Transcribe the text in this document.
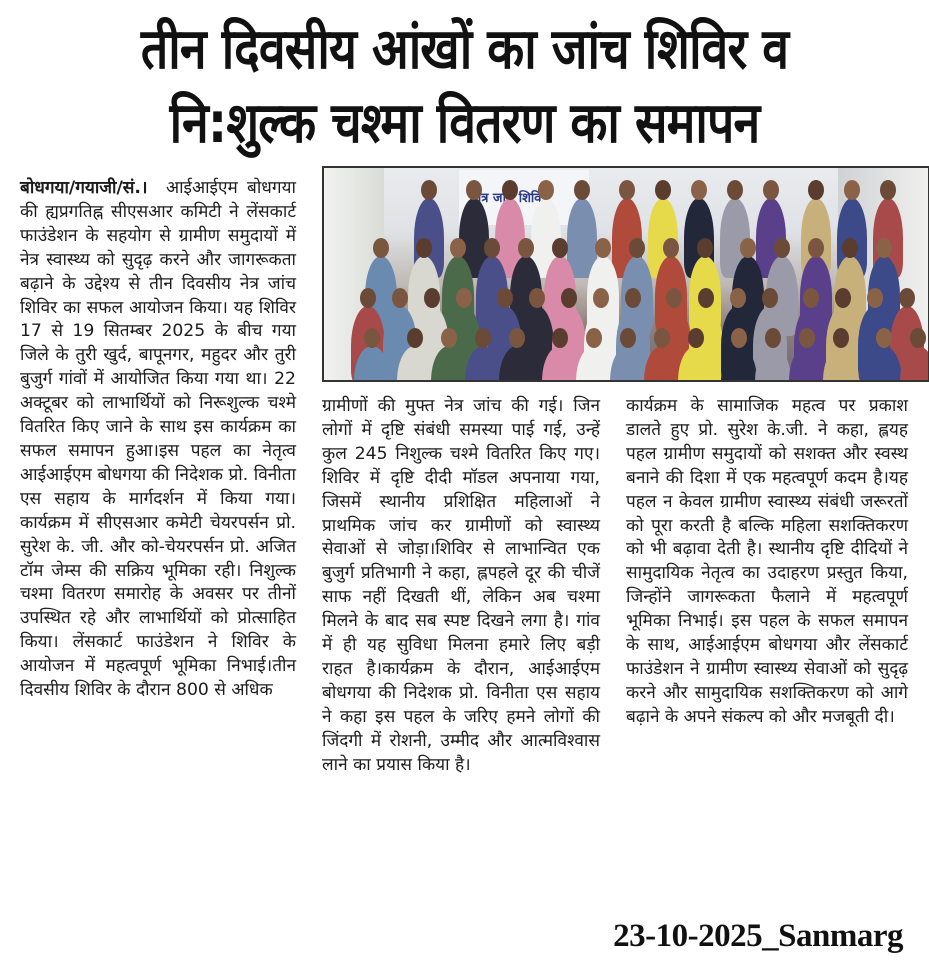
तीन दिवसीय आंखों का जांच शिविर व
नि:शुल्क चश्मा वितरण का समापन

बोधगया/गयाजी/सं.। आईआईएम बोधगया की ह्यप्रगतिह्न सीएसआर कमिटी ने लेंसकार्ट फाउंडेशन के सहयोग से ग्रामीण समुदायों में नेत्र स्वास्थ्य को सुदृढ़ करने और जागरूकता बढ़ाने के उद्देश्य से तीन दिवसीय नेत्र जांच शिविर का सफल आयोजन किया। यह शिविर 17 से 19 सितम्बर 2025 के बीच गया जिले के तुरी खुर्द, बापूनगर, महुदर और तुरी बुजुर्ग गांवों में आयोजित किया गया था। 22 अक्टूबर को लाभार्थियों को निरूशुल्क चश्मे वितरित किए जाने के साथ इस कार्यक्रम का सफल समापन हुआ।इस पहल का नेतृत्व आईआईएम बोधगया की निदेशक प्रो. विनीता एस सहाय के मार्गदर्शन में किया गया। कार्यक्रम में सीएसआर कमेटी चेयरपर्सन प्रो. सुरेश के. जी. और को-चेयरपर्सन प्रो. अजित टॉम जेम्स की सक्रिय भूमिका रही। निशुल्क चश्मा वितरण समारोह के अवसर पर तीनों उपस्थित रहे और लाभार्थियों को प्रोत्साहित किया। लेंसकार्ट फाउंडेशन ने शिविर के आयोजन में महत्वपूर्ण भूमिका निभाई।तीन दिवसीय शिविर के दौरान 800 से अधिक

नेत्र जांच शिविर

ग्रामीणों की मुफ्त नेत्र जांच की गई। जिन लोगों में दृष्टि संबंधी समस्या पाई गई, उन्हें कुल 245 निशुल्क चश्मे वितरित किए गए। शिविर में दृष्टि दीदी मॉडल अपनाया गया, जिसमें स्थानीय प्रशिक्षित महिलाओं ने प्राथमिक जांच कर ग्रामीणों को स्वास्थ्य सेवाओं से जोड़ा।शिविर से लाभान्वित एक बुजुर्ग प्रतिभागी ने कहा, ह्लपहले दूर की चीजें साफ नहीं दिखती थीं, लेकिन अब चश्मा मिलने के बाद सब स्पष्ट दिखने लगा है। गांव में ही यह सुविधा मिलना हमारे लिए बड़ी राहत है।कार्यक्रम के दौरान, आईआईएम बोधगया की निदेशक प्रो. विनीता एस सहाय ने कहा इस पहल के जरिए हमने लोगों की जिंदगी में रोशनी, उम्मीद और आत्मविश्वास लाने का प्रयास किया है।

कार्यक्रम के सामाजिक महत्व पर प्रकाश डालते हुए प्रो. सुरेश के.जी. ने कहा, ह्लयह पहल ग्रामीण समुदायों को सशक्त और स्वस्थ बनाने की दिशा में एक महत्वपूर्ण कदम है।यह पहल न केवल ग्रामीण स्वास्थ्य संबंधी जरूरतों को पूरा करती है बल्कि महिला सशक्तिकरण को भी बढ़ावा देती है। स्थानीय दृष्टि दीदियों ने सामुदायिक नेतृत्व का उदाहरण प्रस्तुत किया, जिन्होंने जागरूकता फैलाने में महत्वपूर्ण भूमिका निभाई। इस पहल के सफल समापन के साथ, आईआईएम बोधगया और लेंसकार्ट फाउंडेशन ने ग्रामीण स्वास्थ्य सेवाओं को सुदृढ़ करने और सामुदायिक सशक्तिकरण को आगे बढ़ाने के अपने संकल्प को और मजबूती दी।

23-10-2025_Sanmarg
